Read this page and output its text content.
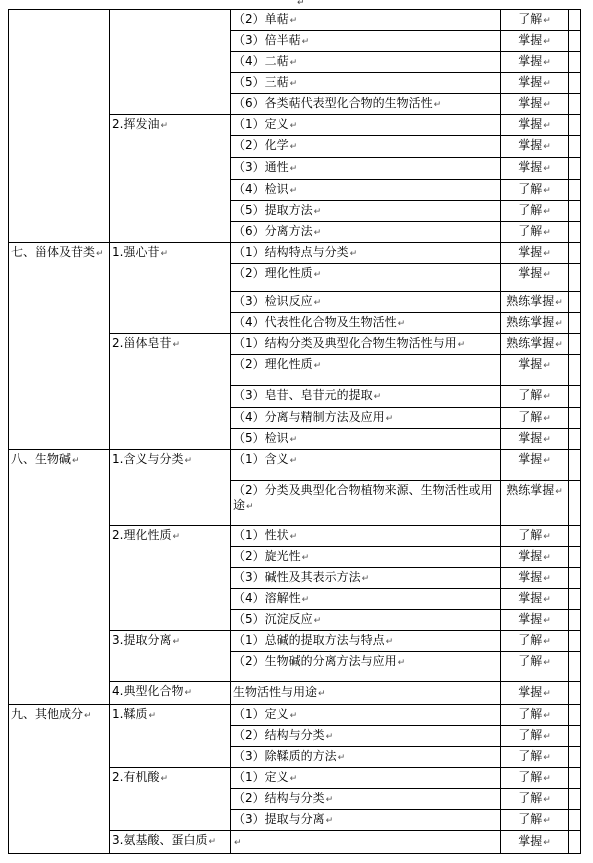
↵
		（2）单萜↵	了解↵	
		（3）倍半萜↵	掌握↵	
		（4）二萜↵	掌握↵	
		（5）三萜↵	掌握↵	
		（6）各类萜代表型化合物的生物活性↵	掌握↵	
	2.挥发油↵	（1）定义↵	掌握↵	
		（2）化学↵	掌握↵	
		（3）通性↵	掌握↵	
		（4）检识↵	了解↵	
		（5）提取方法↵	了解↵	
		（6）分离方法↵	了解↵	
七、甾体及苷类↵	1.强心苷↵	（1）结构特点与分类↵	掌握↵	
		（2）理化性质↵	掌握↵	
		（3）检识反应↵	熟练掌握↵	
		（4）代表性化合物及生物活性↵	熟练掌握↵	
	2.甾体皂苷↵	（1）结构分类及典型化合物生物活性与用↵	熟练掌握↵	
		（2）理化性质↵	掌握↵	
		（3）皂苷、皂苷元的提取↵	了解↵	
		（4）分离与精制方法及应用↵	了解↵	
		（5）检识↵	掌握↵	
八、生物碱↵	1.含义与分类↵	（1）含义↵	掌握↵	
		（2）分类及典型化合物植物来源、生物活性或用途↵	熟练掌握↵	
	2.理化性质↵	（1）性状↵	了解↵	
		（2）旋光性↵	掌握↵	
		（3）碱性及其表示方法↵	掌握↵	
		（4）溶解性↵	掌握↵	
		（5）沉淀反应↵	掌握↵	
	3.提取分离↵	（1）总碱的提取方法与特点↵	了解↵	
		（2）生物碱的分离方法与应用↵	了解↵	
	4.典型化合物↵	生物活性与用途↵	掌握↵	
九、其他成分↵	1.鞣质↵	（1）定义↵	了解↵	
		（2）结构与分类↵	了解↵	
		（3）除鞣质的方法↵	了解↵	
	2.有机酸↵	（1）定义↵	了解↵	
		（2）结构与分类↵	了解↵	
		（3）提取与分离↵	了解↵	
	3.氨基酸、蛋白质↵	↵	掌握↵	
